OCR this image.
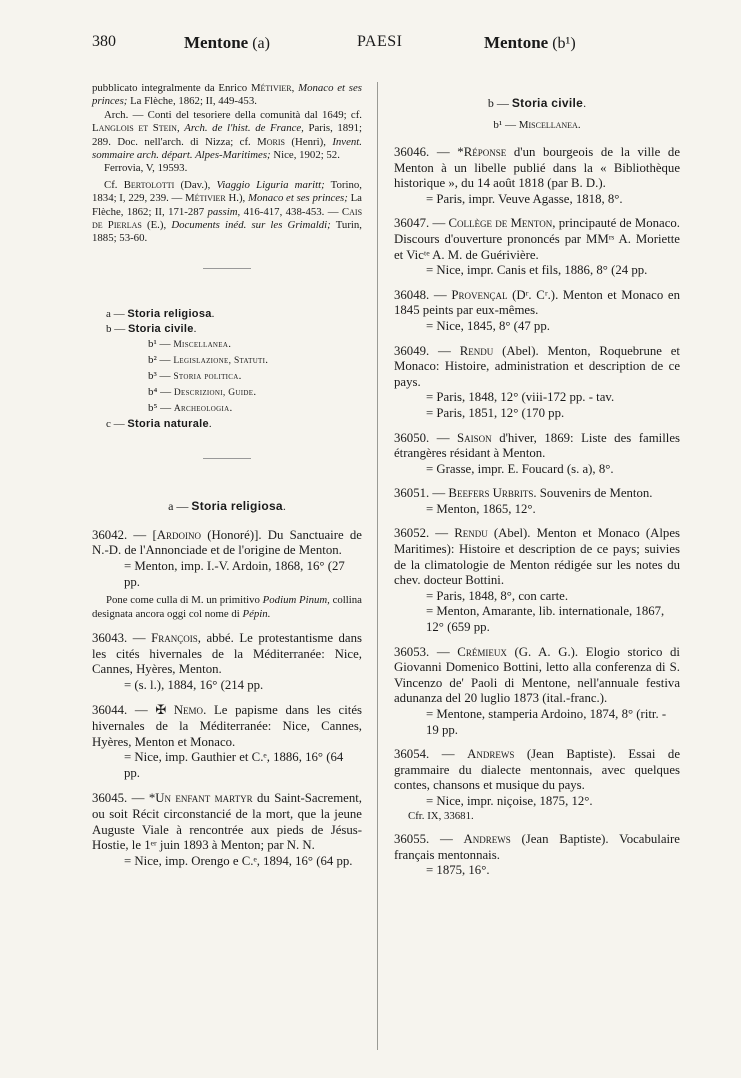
380	Mentone (a)	PAESI	Mentone (b¹)

pubblicato integralmente da Enrico Métivier, Monaco et ses princes; La Flèche, 1862; II, 449-453.

Arch. — Conti del tesoriere della comunità dal 1649; cf. Langlois et Stein, Arch. de l'hist. de France, Paris, 1891; 289. Doc. nell'arch. di Nizza; cf. Moris (Henri), Invent. sommaire arch. départ. Alpes-Maritimes; Nice, 1902; 52.

Ferrovia, V, 19593.

Cf. Bertolotti (Dav.), Viaggio Liguria maritt; Torino, 1834; I, 229, 239. — Métivier H.), Monaco et ses princes; La Flèche, 1862; II, 171-287 passim, 416-417, 438-453. — Cais de Pierlas (E.), Documents inéd. sur les Grimaldi; Turin, 1885; 53-60.

a — Storia religiosa.
b — Storia civile.
b¹ — Miscellanea.
b² — Legislazione, Statuti.
b³ — Storia politica.
b⁴ — Descrizioni, Guide.
b⁵ — Archeologia.
c — Storia naturale.

a — Storia religiosa.

36042. — [Ardoino (Honoré)]. Du Sanctuaire de N.-D. de l'Annonciade et de l'origine de Menton.

= Menton, imp. I.-V. Ardoin, 1868, 16° (27 pp.

Pone come culla di M. un primitivo Podium Pinum, collina designata ancora oggi col nome di Pépin.

36043. — François, abbé. Le protestantisme dans les cités hivernales de la Méditerranée: Nice, Cannes, Hyères, Menton.

= (s. l.), 1884, 16° (214 pp.

36044. — ✠ Nemo. Le papisme dans les cités hivernales de la Méditerranée: Nice, Cannes, Hyères, Menton et Monaco.

= Nice, imp. Gauthier et C.ᵉ, 1886, 16° (64 pp.

36045. — *Un enfant martyr du Saint-Sacrement, ou soit Récit circonstancié de la mort, que la jeune Auguste Viale à rencontrée aux pieds de Jésus-Hostie, le 1ᵉʳ juin 1893 à Menton; par N. N.

= Nice, imp. Orengo e C.ᵉ, 1894, 16° (64 pp.

b — Storia civile.

b¹ — Miscellanea.

36046. — *Réponse d'un bourgeois de la ville de Menton à un libelle publié dans la « Bibliothèque historique », du 14 août 1818 (par B. D.).

= Paris, impr. Veuve Agasse, 1818, 8°.

36047. — Collège de Menton, principauté de Monaco. Discours d'ouverture prononcés par MMʳˢ A. Moriette et Vicᵗᵉ A. M. de Guérivière.

= Nice, impr. Canis et fils, 1886, 8° (24 pp.

36048. — Provençal (Dʳ. Cʳ.). Menton et Monaco en 1845 peints par eux-mêmes.

= Nice, 1845, 8° (47 pp.

36049. — Rendu (Abel). Menton, Roquebrune et Monaco: Histoire, administration et description de ce pays.

= Paris, 1848, 12° (viii-172 pp. - tav.

= Paris, 1851, 12° (170 pp.

36050. — Saison d'hiver, 1869: Liste des familles étrangères résidant à Menton.

= Grasse, impr. E. Foucard (s. a), 8°.

36051. — Beefers Urbrits. Souvenirs de Menton.

= Menton, 1865, 12°.

36052. — Rendu (Abel). Menton et Monaco (Alpes Maritimes): Histoire et description de ce pays; suivies de la climatologie de Menton rédigée sur les notes du chev. docteur Bottini.

= Paris, 1848, 8°, con carte.

= Menton, Amarante, lib. internationale, 1867, 12° (659 pp.

36053. — Crémieux (G. A. G.). Elogio storico di Giovanni Domenico Bottini, letto alla conferenza di S. Vincenzo de' Paoli di Mentone, nell'annuale festiva adunanza del 20 luglio 1873 (ital.-franc.).

= Mentone, stamperia Ardoino, 1874, 8° (ritr. - 19 pp.

36054. — Andrews (Jean Baptiste). Essai de grammaire du dialecte mentonnais, avec quelques contes, chansons et musique du pays.

= Nice, impr. niçoise, 1875, 12°.

Cfr. IX, 33681.

36055. — Andrews (Jean Baptiste). Vocabulaire français mentonnais.

= 1875, 16°.
